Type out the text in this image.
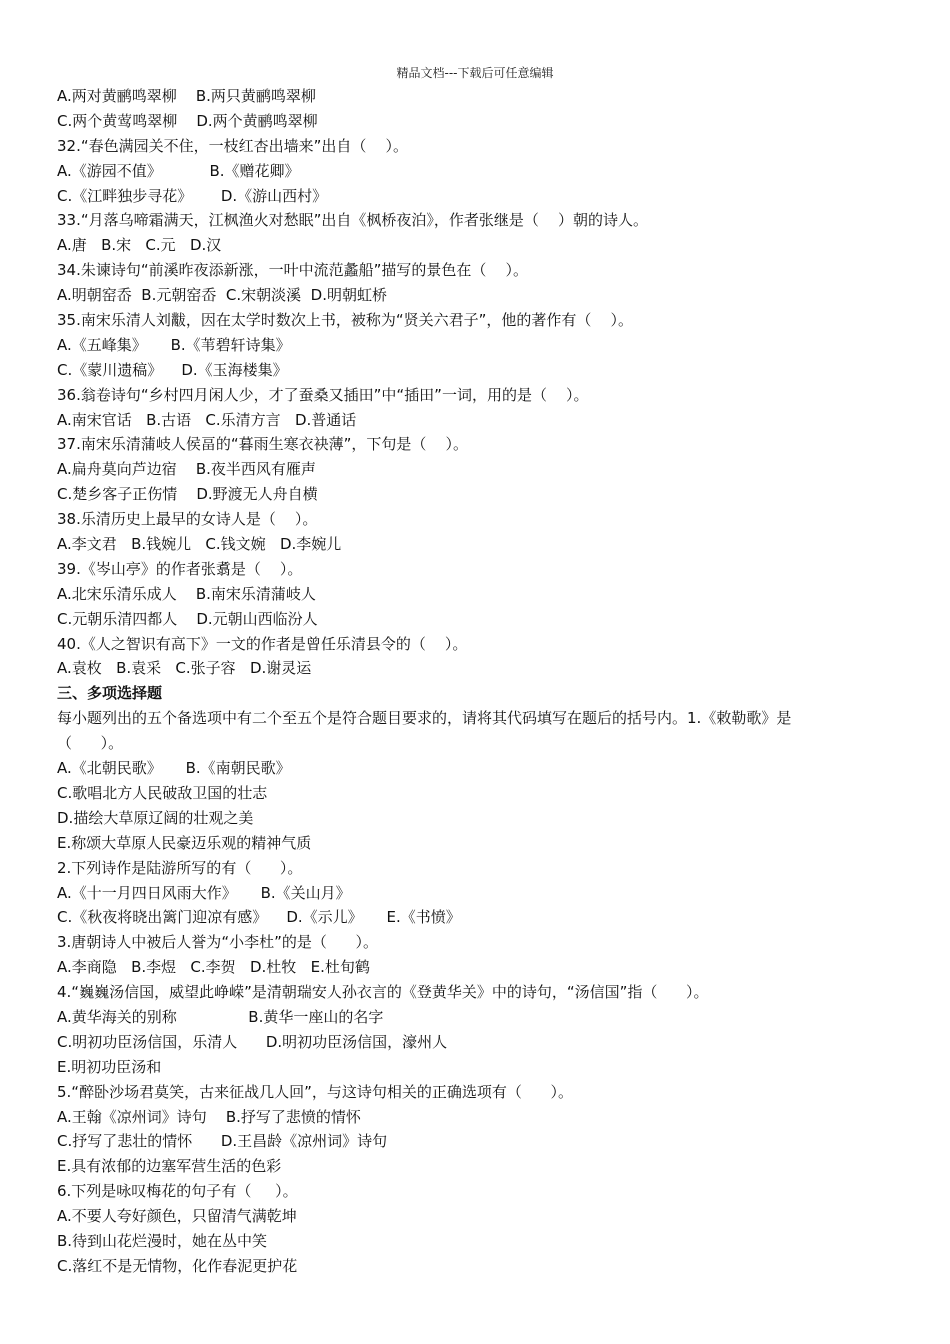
精品文档---下载后可任意编辑
A.两对黄鹂鸣翠柳    B.两只黄鹂鸣翠柳
C.两个黄莺鸣翠柳    D.两个黄鹂鸣翠柳
32.“春色满园关不住，一枝红杏出墙来”出自（    ）。
A.《游园不值》          B.《赠花卿》
C.《江畔独步寻花》      D.《游山西村》
33.“月落乌啼霜满天，江枫渔火对愁眠”出自《枫桥夜泊》，作者张继是（    ）朝的诗人。
A.唐   B.宋   C.元   D.汉
34.朱谏诗句“前溪昨夜添新涨，一叶中流范蠡船”描写的景色在（    ）。
A.明朝窑岙  B.元朝窑岙  C.宋朝淡溪  D.明朝虹桥
35.南宋乐清人刘黻，因在太学时数次上书，被称为“贤关六君子”，他的著作有（    ）。
A.《五峰集》     B.《苇碧轩诗集》
C.《蒙川遗稿》    D.《玉海楼集》
36.翁卷诗句“乡村四月闲人少，才了蚕桑又插田”中“插田”一词，用的是（    ）。
A.南宋官话   B.古语   C.乐清方言   D.普通话
37.南宋乐清蒲岐人侯畐的“暮雨生寒衣袂薄”，下句是（    ）。
A.扁舟莫向芦边宿    B.夜半西风有雁声
C.楚乡客子正伤情    D.野渡无人舟自横
38.乐清历史上最早的女诗人是（    ）。
A.李文君   B.钱婉儿   C.钱文婉   D.李婉儿
39.《岑山亭》的作者张翥是（    ）。
A.北宋乐清乐成人    B.南宋乐清蒲岐人
C.元朝乐清四都人    D.元朝山西临汾人
40.《人之智识有高下》一文的作者是曾任乐清县令的（    ）。
A.袁枚   B.袁采   C.张子容   D.谢灵运
三、多项选择题
每小题列出的五个备选项中有二个至五个是符合题目要求的，请将其代码填写在题后的括号内。1.《敕勒歌》是
（      ）。
A.《北朝民歌》     B.《南朝民歌》
C.歌唱北方人民破敌卫国的壮志
D.描绘大草原辽阔的壮观之美
E.称颂大草原人民豪迈乐观的精神气质
2.下列诗作是陆游所写的有（      ）。
A.《十一月四日风雨大作》     B.《关山月》
C.《秋夜将晓出篱门迎凉有感》    D.《示儿》     E.《书愤》
3.唐朝诗人中被后人誉为“小李杜”的是（      ）。
A.李商隐   B.李煜   C.李贺   D.杜牧   E.杜旬鹤
4.“巍巍汤信国，威望此峥嵘”是清朝瑞安人孙衣言的《登黄华关》中的诗句，“汤信国”指（      ）。
A.黄华海关的别称               B.黄华一座山的名字
C.明初功臣汤信国，乐清人      D.明初功臣汤信国，濠州人
E.明初功臣汤和
5.“醉卧沙场君莫笑，古来征战几人回”，与这诗句相关的正确选项有（      ）。
A.王翰《凉州词》诗句    B.抒写了悲愤的情怀
C.抒写了悲壮的情怀      D.王昌龄《凉州词》诗句
E.具有浓郁的边塞军营生活的色彩
6.下列是咏叹梅花的句子有（     ）。
A.不要人夸好颜色，只留清气满乾坤
B.待到山花烂漫时，她在丛中笑
C.落红不是无情物，化作春泥更护花
